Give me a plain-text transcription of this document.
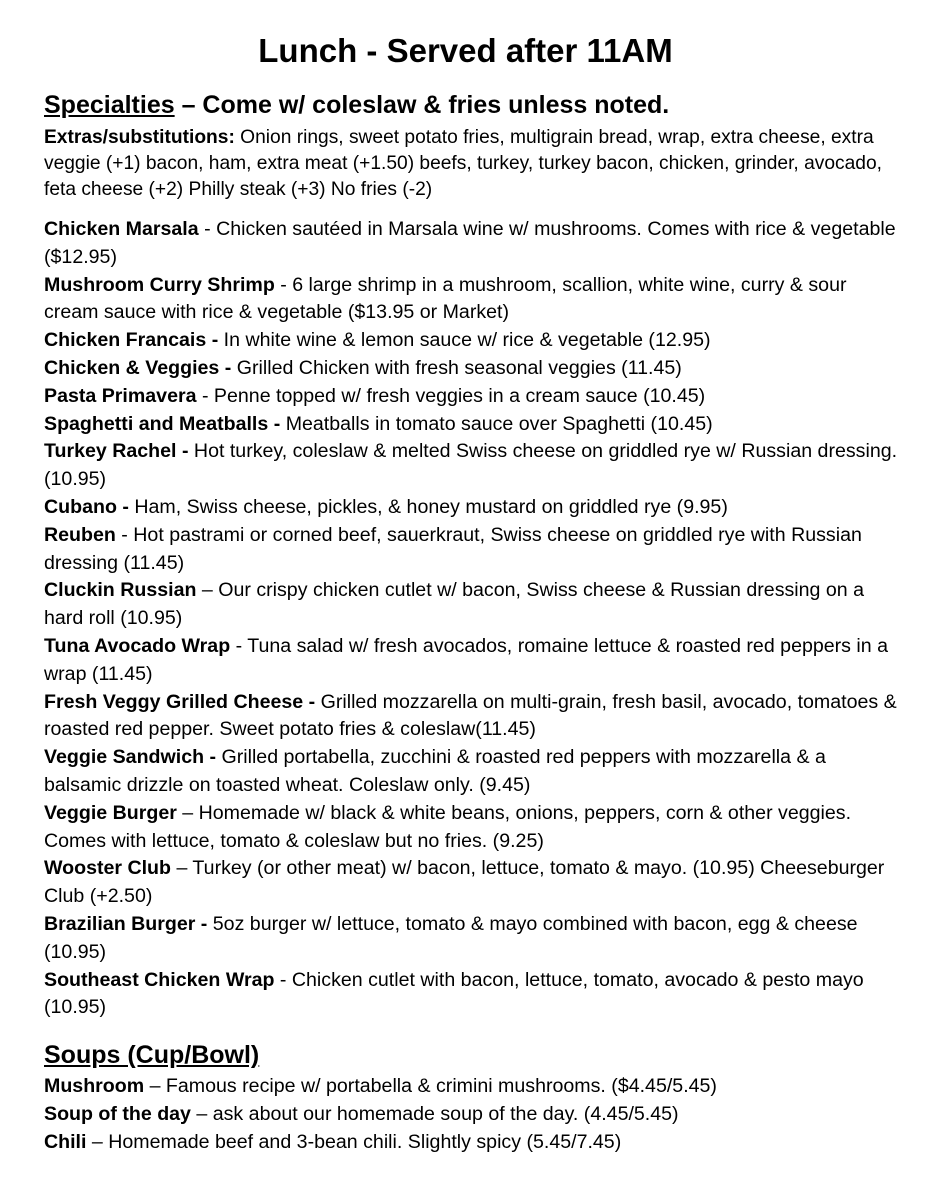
Lunch - Served after 11AM
Specialties – Come w/ coleslaw & fries unless noted.
Extras/substitutions: Onion rings, sweet potato fries, multigrain bread, wrap, extra cheese, extra veggie (+1) bacon, ham, extra meat (+1.50) beefs, turkey, turkey bacon, chicken, grinder, avocado, feta cheese (+2) Philly steak (+3) No fries (-2)

Chicken Marsala - Chicken sautéed in Marsala wine w/ mushrooms. Comes with rice & vegetable ($12.95)

Mushroom Curry Shrimp - 6 large shrimp in a mushroom, scallion, white wine, curry & sour cream sauce with rice & vegetable ($13.95 or Market)

Chicken Francais - In white wine & lemon sauce w/ rice & vegetable (12.95)

Chicken & Veggies - Grilled Chicken with fresh seasonal veggies (11.45)

Pasta Primavera - Penne topped w/ fresh veggies in a cream sauce (10.45)

Spaghetti and Meatballs - Meatballs in tomato sauce over Spaghetti (10.45)

Turkey Rachel - Hot turkey, coleslaw & melted Swiss cheese on griddled rye w/ Russian dressing. (10.95)

Cubano - Ham, Swiss cheese, pickles, & honey mustard on griddled rye (9.95)

Reuben - Hot pastrami or corned beef, sauerkraut, Swiss cheese on griddled rye with Russian dressing (11.45)

Cluckin Russian – Our crispy chicken cutlet w/ bacon, Swiss cheese & Russian dressing on a hard roll (10.95)

Tuna Avocado Wrap - Tuna salad w/ fresh avocados, romaine lettuce & roasted red peppers in a wrap (11.45)

Fresh Veggy Grilled Cheese - Grilled mozzarella on multi-grain, fresh basil, avocado, tomatoes & roasted red pepper. Sweet potato fries & coleslaw(11.45)

Veggie Sandwich - Grilled portabella, zucchini & roasted red peppers with mozzarella & a balsamic drizzle on toasted wheat. Coleslaw only. (9.45)

Veggie Burger – Homemade w/ black & white beans, onions, peppers, corn & other veggies. Comes with lettuce, tomato & coleslaw but no fries. (9.25)

Wooster Club – Turkey (or other meat) w/ bacon, lettuce, tomato & mayo. (10.95) Cheeseburger Club (+2.50)

Brazilian Burger - 5oz burger w/ lettuce, tomato & mayo combined with bacon, egg & cheese (10.95)

Southeast Chicken Wrap - Chicken cutlet with bacon, lettuce, tomato, avocado & pesto mayo (10.95)

Soups (Cup/Bowl)

Mushroom – Famous recipe w/ portabella & crimini mushrooms. ($4.45/5.45)

Soup of the day – ask about our homemade soup of the day. (4.45/5.45)

Chili – Homemade beef and 3-bean chili. Slightly spicy (5.45/7.45)
